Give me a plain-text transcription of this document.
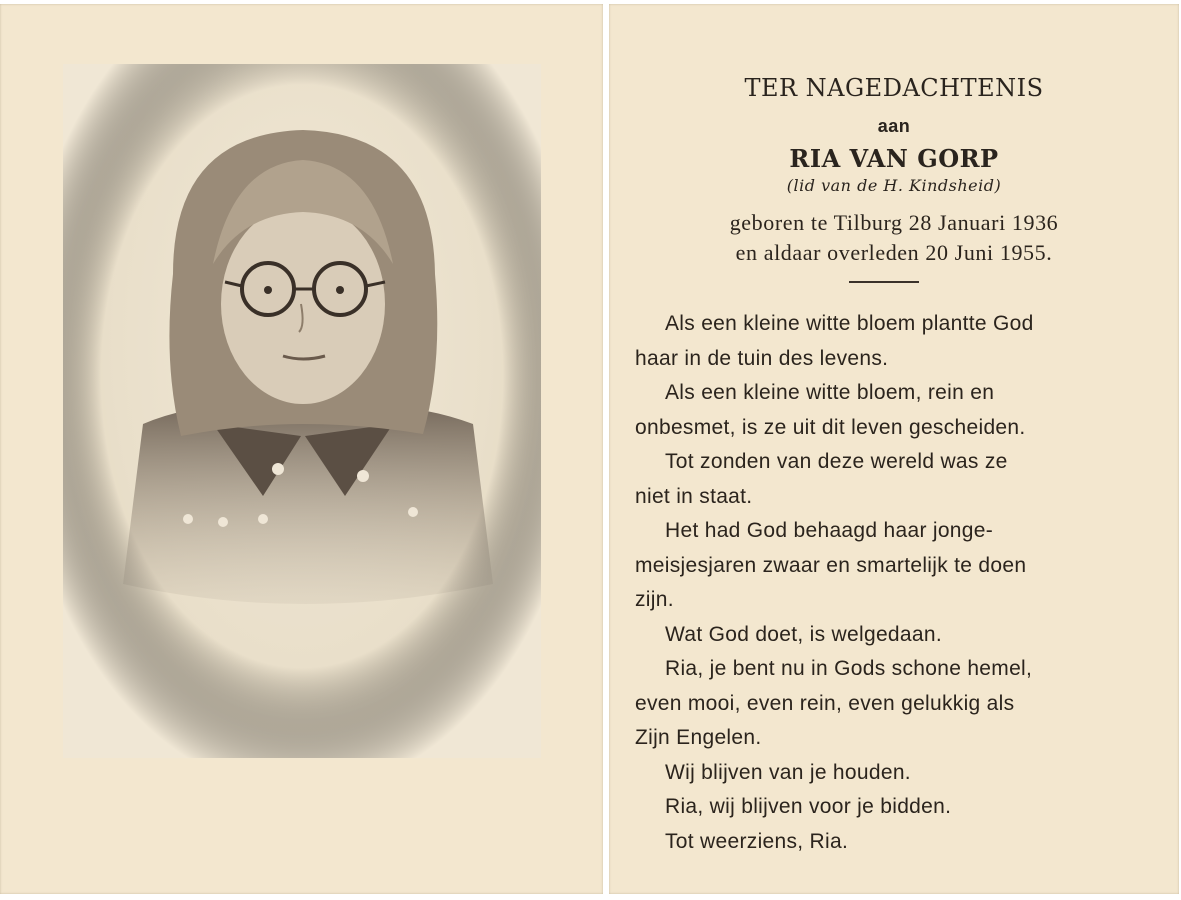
TER NAGEDACHTENIS
aan
RIA VAN GORP
(lid van de H. Kindsheid)
geboren te Tilburg 28 Januari 1936
en aldaar overleden 20 Juni 1955.

Als een kleine witte bloem plantte God

haar in de tuin des levens.

Als een kleine witte bloem, rein en

onbesmet, is ze uit dit leven gescheiden.

Tot zonden van deze wereld was ze

niet in staat.

Het had God behaagd haar jonge-

meisjesjaren zwaar en smartelijk te doen

zijn.

Wat God doet, is welgedaan.

Ria, je bent nu in Gods schone hemel,

even mooi, even rein, even gelukkig als

Zijn Engelen.

Wij blijven van je houden.

Ria, wij blijven voor je bidden.

Tot weerziens, Ria.
